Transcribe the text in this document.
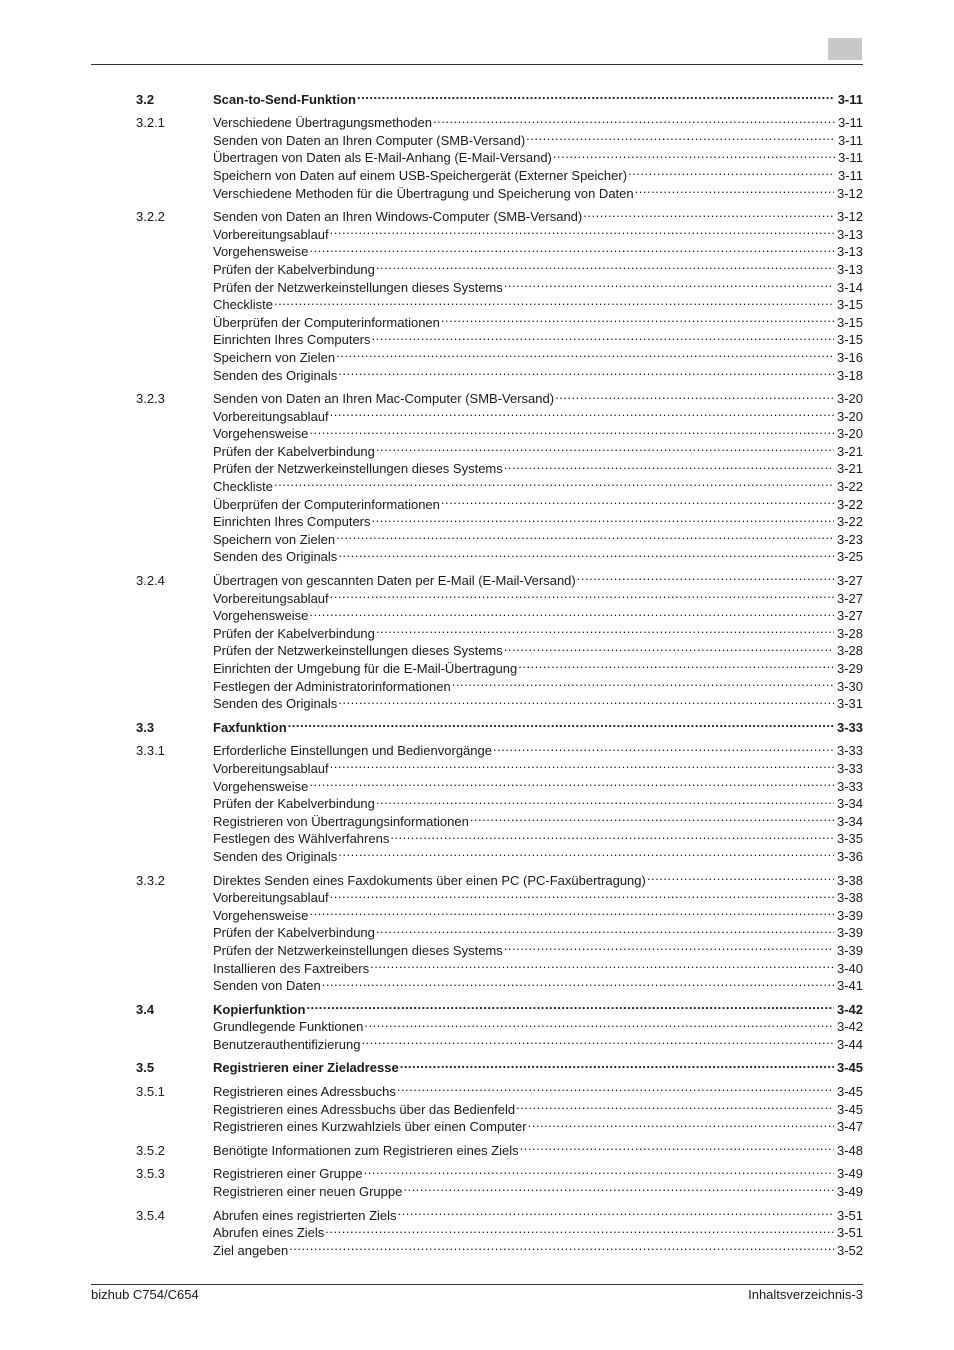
3.2	Scan-to-Send-Funktion .....	3-11
3.2.1	Verschiedene Übertragungsmethoden .....	3-11
Senden von Daten an Ihren Computer (SMB-Versand) .....	3-11
Übertragen von Daten als E-Mail-Anhang (E-Mail-Versand) .....	3-11
Speichern von Daten auf einem USB-Speichergerät (Externer Speicher) .....	3-11
Verschiedene Methoden für die Übertragung und Speicherung von Daten .....	3-12
3.2.2	Senden von Daten an Ihren Windows-Computer (SMB-Versand) .....	3-12
Vorbereitungsablauf .....	3-13
Vorgehensweise .....	3-13
Prüfen der Kabelverbindung .....	3-13
Prüfen der Netzwerkeinstellungen dieses Systems .....	3-14
Checkliste .....	3-15
Überprüfen der Computerinformationen .....	3-15
Einrichten Ihres Computers .....	3-15
Speichern von Zielen .....	3-16
Senden des Originals .....	3-18
3.2.3	Senden von Daten an Ihren Mac-Computer (SMB-Versand) .....	3-20
Vorbereitungsablauf .....	3-20
Vorgehensweise .....	3-20
Prüfen der Kabelverbindung .....	3-21
Prüfen der Netzwerkeinstellungen dieses Systems .....	3-21
Checkliste .....	3-22
Überprüfen der Computerinformationen .....	3-22
Einrichten Ihres Computers .....	3-22
Speichern von Zielen .....	3-23
Senden des Originals .....	3-25
3.2.4	Übertragen von gescannten Daten per E-Mail (E-Mail-Versand) .....	3-27
Vorbereitungsablauf .....	3-27
Vorgehensweise .....	3-27
Prüfen der Kabelverbindung .....	3-28
Prüfen der Netzwerkeinstellungen dieses Systems .....	3-28
Einrichten der Umgebung für die E-Mail-Übertragung .....	3-29
Festlegen der Administratorinformationen .....	3-30
Senden des Originals .....	3-31
3.3	Faxfunktion .....	3-33
3.3.1	Erforderliche Einstellungen und Bedienvorgänge .....	3-33
Vorbereitungsablauf .....	3-33
Vorgehensweise .....	3-33
Prüfen der Kabelverbindung .....	3-34
Registrieren von Übertragungsinformationen .....	3-34
Festlegen des Wählverfahrens .....	3-35
Senden des Originals .....	3-36
3.3.2	Direktes Senden eines Faxdokuments über einen PC (PC-Faxübertragung) .....	3-38
Vorbereitungsablauf .....	3-38
Vorgehensweise .....	3-39
Prüfen der Kabelverbindung .....	3-39
Prüfen der Netzwerkeinstellungen dieses Systems .....	3-39
Installieren des Faxtreibers .....	3-40
Senden von Daten .....	3-41
3.4	Kopierfunktion .....	3-42
Grundlegende Funktionen .....	3-42
Benutzerauthentifizierung .....	3-44
3.5	Registrieren einer Zieladresse .....	3-45
3.5.1	Registrieren eines Adressbuchs .....	3-45
Registrieren eines Adressbuchs über das Bedienfeld .....	3-45
Registrieren eines Kurzwahlziels über einen Computer .....	3-47
3.5.2	Benötigte Informationen zum Registrieren eines Ziels .....	3-48
3.5.3	Registrieren einer Gruppe .....	3-49
Registrieren einer neuen Gruppe .....	3-49
3.5.4	Abrufen eines registrierten Ziels .....	3-51
Abrufen eines Ziels .....	3-51
Ziel angeben .....	3-52
bizhub C754/C654	Inhaltsverzeichnis-3
